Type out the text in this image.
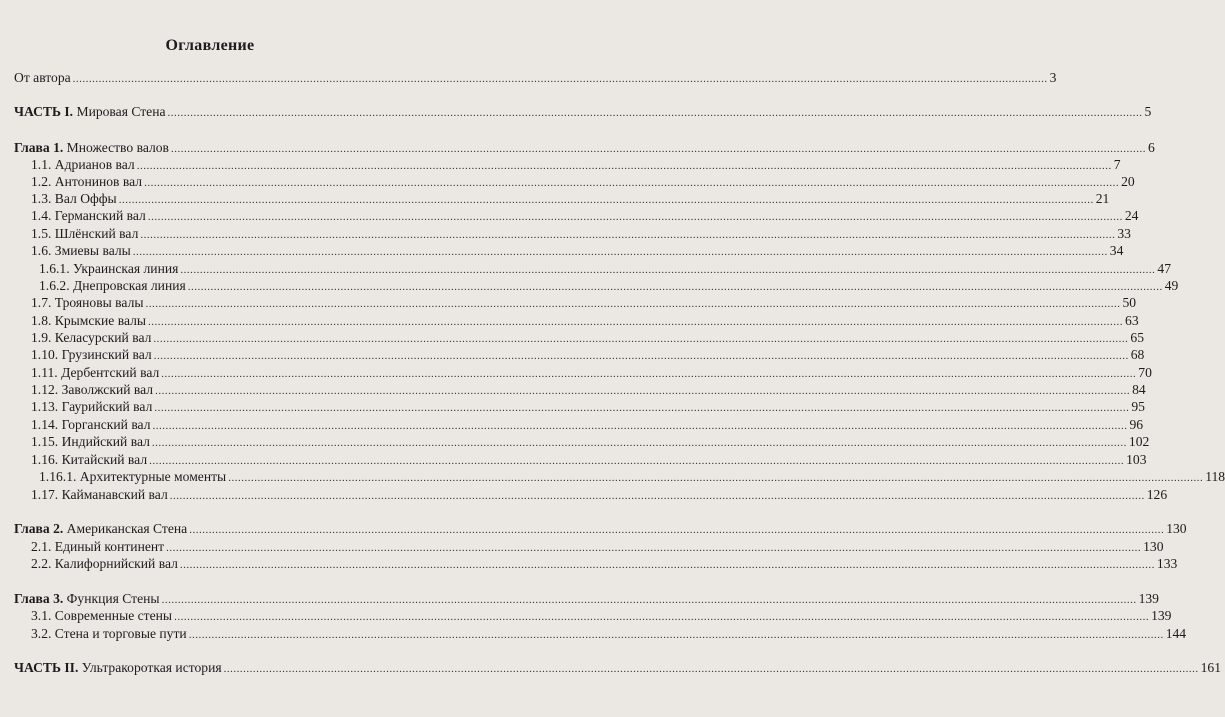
Оглавление
От автора ............................................................................................................................................................................................................................................................................................................ 3
ЧАСТЬ I. Мировая Стена ............................................................................................................................................................................................................................................................................................................ 5
Глава 1. Множество валов ............................................................................................................................................................................................................................................................................................................ 6
1.1. Адрианов вал ............................................................................................................................................................................................................................................................................................................ 7
1.2. Антонинов вал ............................................................................................................................................................................................................................................................................................................ 20
1.3. Вал Оффы ............................................................................................................................................................................................................................................................................................................ 21
1.4. Германский вал ............................................................................................................................................................................................................................................................................................................ 24
1.5. Шлёнский вал ............................................................................................................................................................................................................................................................................................................ 33
1.6. Змиевы валы ............................................................................................................................................................................................................................................................................................................ 34
1.6.1. Украинская линия ............................................................................................................................................................................................................................................................................................................ 47
1.6.2. Днепровская линия ............................................................................................................................................................................................................................................................................................................ 49
1.7. Трояновы валы ............................................................................................................................................................................................................................................................................................................ 50
1.8. Крымские валы ............................................................................................................................................................................................................................................................................................................ 63
1.9. Келасурский вал ............................................................................................................................................................................................................................................................................................................ 65
1.10. Грузинский вал ............................................................................................................................................................................................................................................................................................................ 68
1.11. Дербентский вал ............................................................................................................................................................................................................................................................................................................ 70
1.12. Заволжский вал ............................................................................................................................................................................................................................................................................................................ 84
1.13. Гаурийский вал ............................................................................................................................................................................................................................................................................................................ 95
1.14. Горганский вал ............................................................................................................................................................................................................................................................................................................ 96
1.15. Индийский вал ............................................................................................................................................................................................................................................................................................................ 102
1.16. Китайский вал ............................................................................................................................................................................................................................................................................................................ 103
1.16.1. Архитектурные моменты ............................................................................................................................................................................................................................................................................................................ 118
1.17. Кайманавский вал ............................................................................................................................................................................................................................................................................................................ 126
Глава 2. Американская Стена ............................................................................................................................................................................................................................................................................................................ 130
2.1. Единый континент ............................................................................................................................................................................................................................................................................................................ 130
2.2. Калифорнийский вал ............................................................................................................................................................................................................................................................................................................ 133
Глава 3. Функция Стены ............................................................................................................................................................................................................................................................................................................ 139
3.1. Современные стены ............................................................................................................................................................................................................................................................................................................ 139
3.2. Стена и торговые пути ............................................................................................................................................................................................................................................................................................................ 144
ЧАСТЬ II. Ультракороткая история ............................................................................................................................................................................................................................................................................................................ 161
